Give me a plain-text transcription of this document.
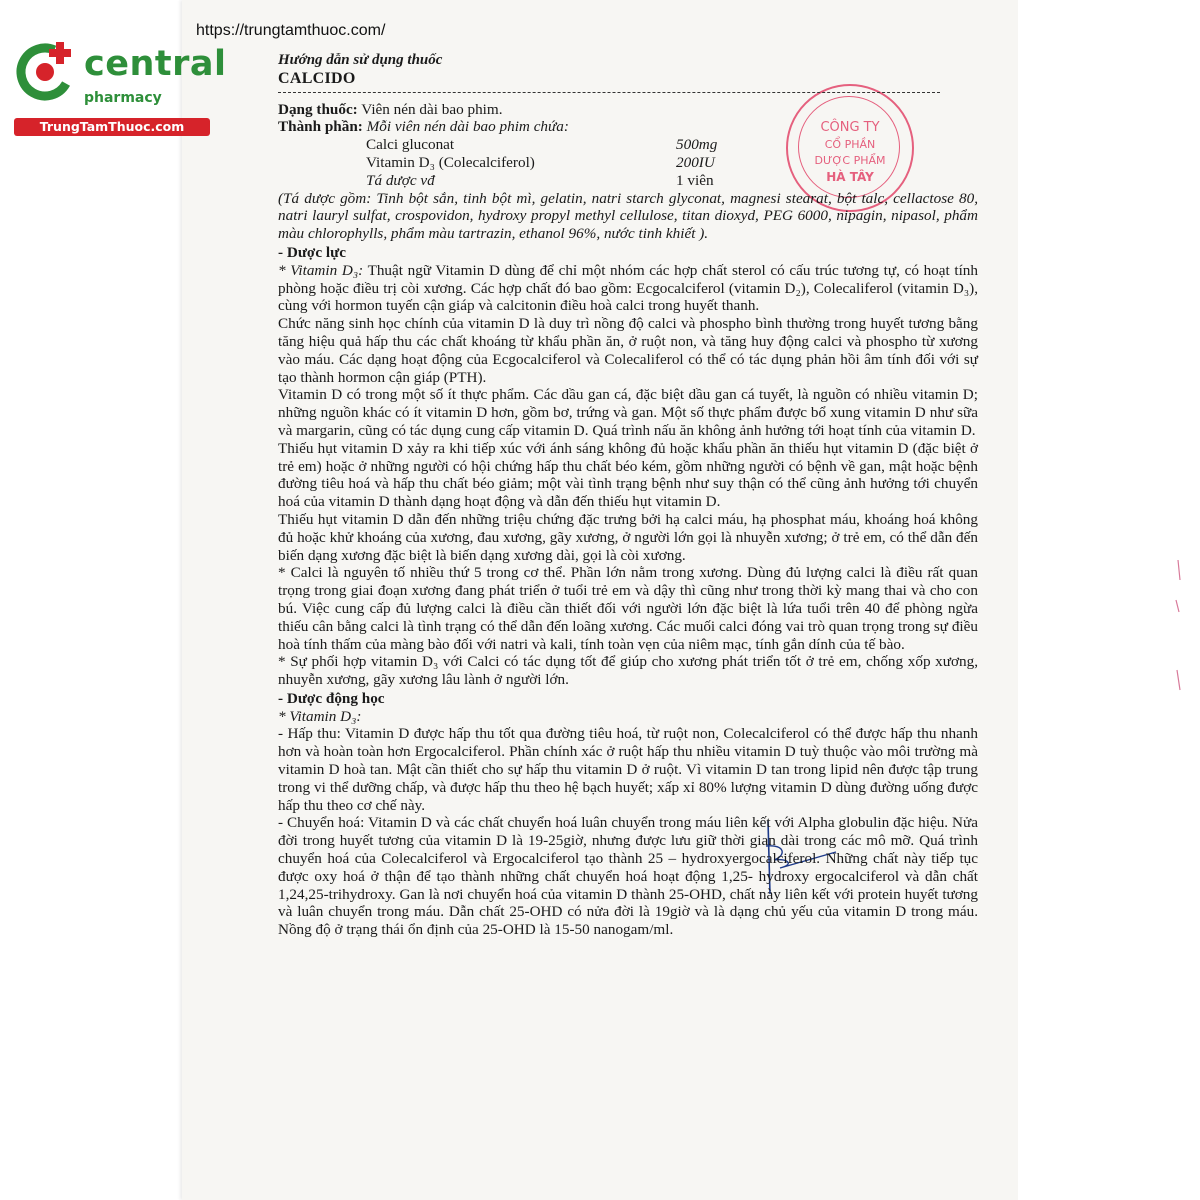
https://trungtamthuoc.com/
central
pharmacy
TrungTamThuoc.com	CÔNG TY
CỔ PHẦN
DƯỢC PHẨM
HÀ TÂY
Hướng dẫn sử dụng thuốc
CALCIDO

Dạng thuốc: Viên nén dài bao phim.

Thành phần: Mỗi viên nén dài bao phim chứa:

Calci gluconat	500mg
Vitamin D₃ (Colecalciferol)	200IU
Tá dược vđ	1 viên

(Tá dược gồm: Tinh bột sắn, tinh bột mì, gelatin, natri starch glyconat, magnesi stearat, bột talc, cellactose 80, natri lauryl sulfat, crospovidon, hydroxy propyl methyl cellulose, titan dioxyd, PEG 6000, nipagin, nipasol, phẩm màu chlorophylls, phẩm màu tartrazin, ethanol 96%, nước tinh khiết ).

- Dược lực

* Vitamin D₃: Thuật ngữ Vitamin D dùng để chỉ một nhóm các hợp chất sterol có cấu trúc tương tự, có hoạt tính phòng hoặc điều trị còi xương. Các hợp chất đó bao gồm: Ecgocalciferol (vitamin D₂), Colecaliferol (vitamin D₃), cùng với hormon tuyến cận giáp và calcitonin điều hoà calci trong huyết thanh.

Chức năng sinh học chính của vitamin D là duy trì nồng độ calci và phospho bình thường trong huyết tương bằng tăng hiệu quả hấp thu các chất khoáng từ khẩu phần ăn, ở ruột non, và tăng huy động calci và phospho từ xương vào máu. Các dạng hoạt động của Ecgocalciferol và Colecaliferol có thể có tác dụng phản hồi âm tính đối với sự tạo thành hormon cận giáp (PTH).

Vitamin D có trong một số ít thực phẩm. Các dầu gan cá, đặc biệt dầu gan cá tuyết, là nguồn có nhiều vitamin D; những nguồn khác có ít vitamin D hơn, gồm bơ, trứng và gan. Một số thực phẩm được bổ xung vitamin D như sữa và margarin, cũng có tác dụng cung cấp vitamin D. Quá trình nấu ăn không ảnh hưởng tới hoạt tính của vitamin D.

Thiếu hụt vitamin D xảy ra khi tiếp xúc với ánh sáng không đủ hoặc khẩu phần ăn thiếu hụt vitamin D (đặc biệt ở trẻ em) hoặc ở những người có hội chứng hấp thu chất béo kém, gồm những người có bệnh về gan, mật hoặc bệnh đường tiêu hoá và hấp thu chất béo giảm; một vài tình trạng bệnh như suy thận có thể cũng ảnh hưởng tới chuyển hoá của vitamin D thành dạng hoạt động và dẫn đến thiếu hụt vitamin D.

Thiếu hụt vitamin D dẫn đến những triệu chứng đặc trưng bởi hạ calci máu, hạ phosphat máu, khoáng hoá không đủ hoặc khử khoáng của xương, đau xương, gãy xương, ở người lớn gọi là nhuyễn xương; ở trẻ em, có thể dẫn đến biến dạng xương đặc biệt là biến dạng xương dài, gọi là còi xương.

* Calci là nguyên tố nhiều thứ 5 trong cơ thể. Phần lớn nằm trong xương. Dùng đủ lượng calci là điều rất quan trọng trong giai đoạn xương đang phát triển ở tuổi trẻ em và dậy thì cũng như trong thời kỳ mang thai và cho con bú. Việc cung cấp đủ lượng calci là điều cần thiết đối với người lớn đặc biệt là lứa tuổi trên 40 để phòng ngừa thiếu cân bằng calci là tình trạng có thể dẫn đến loãng xương. Các muối calci đóng vai trò quan trọng trong sự điều hoà tính thấm của màng bào đối với natri và kali, tính toàn vẹn của niêm mạc, tính gắn dính của tế bào.

* Sự phối hợp vitamin D₃ với Calci có tác dụng tốt để giúp cho xương phát triển tốt ở trẻ em, chống xốp xương, nhuyễn xương, gãy xương lâu lành ở người lớn.

- Dược động học

* Vitamin D₃:

- Hấp thu: Vitamin D được hấp thu tốt qua đường tiêu hoá, từ ruột non, Colecalciferol có thể được hấp thu nhanh hơn và hoàn toàn hơn Ergocalciferol. Phần chính xác ở ruột hấp thu nhiều vitamin D tuỳ thuộc vào môi trường mà vitamin D hoà tan. Mật cần thiết cho sự hấp thu vitamin D ở ruột. Vì vitamin D tan trong lipid nên được tập trung trong vi thể dưỡng chấp, và được hấp thu theo hệ bạch huyết; xấp xỉ 80% lượng vitamin D dùng đường uống được hấp thu theo cơ chế này.

- Chuyển hoá: Vitamin D và các chất chuyển hoá luân chuyển trong máu liên kết với Alpha globulin đặc hiệu. Nửa đời trong huyết tương của vitamin D là 19-25giờ, nhưng được lưu giữ thời gian dài trong các mô mỡ. Quá trình chuyển hoá của Colecalciferol và Ergocalciferol tạo thành 25 – hydroxyergocalciferol. Những chất này tiếp tục được oxy hoá ở thận để tạo thành những chất chuyển hoá hoạt động 1,25- hydroxy ergocalciferol và dẫn chất 1,24,25-trihydroxy. Gan là nơi chuyển hoá của vitamin D thành 25-OHD, chất này liên kết với protein huyết tương và luân chuyển trong máu. Dẫn chất 25-OHD có nửa đời là 19giờ và là dạng chủ yếu của vitamin D trong máu. Nồng độ ở trạng thái ổn định của 25-OHD là 15-50 nanogam/ml.
